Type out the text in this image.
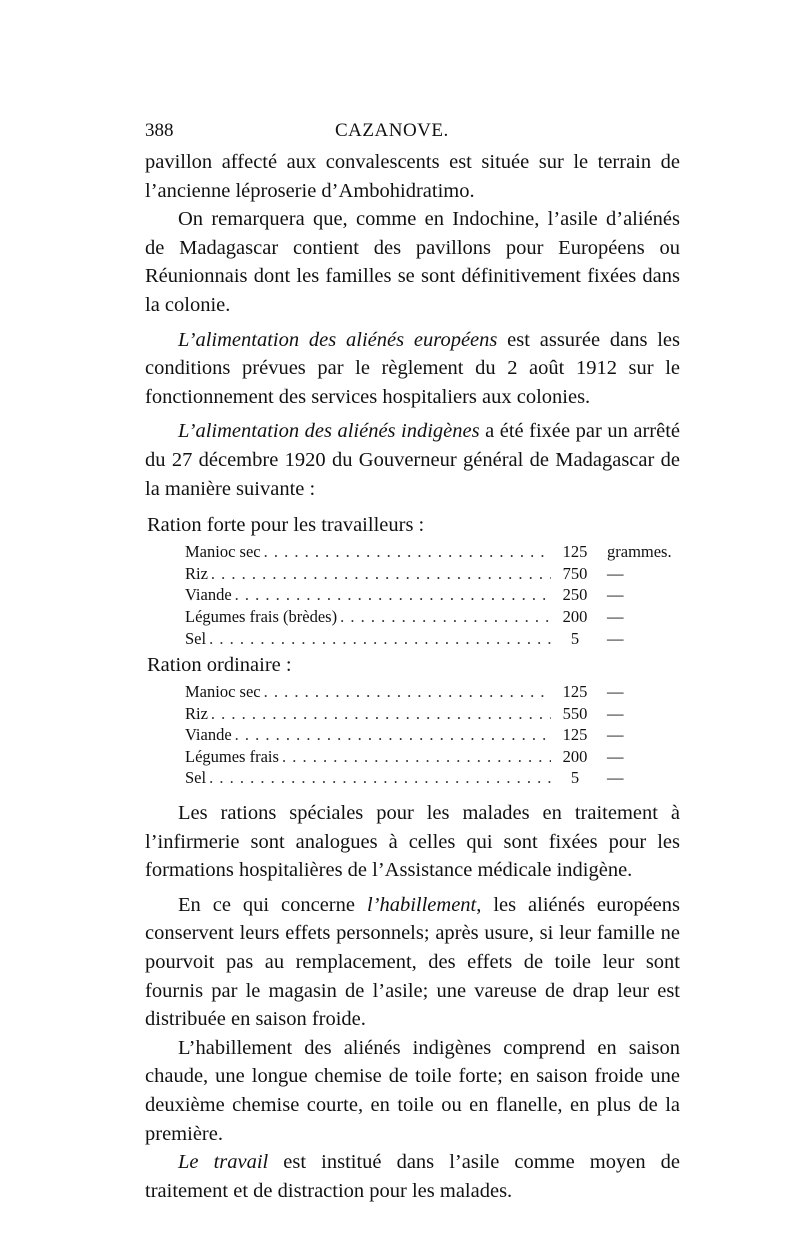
388	CAZANOVE.

pavillon affecté aux convalescents est située sur le terrain de l’ancienne léproserie d’Ambohidratimo.

On remarquera que, comme en Indochine, l’asile d’aliénés de Madagascar contient des pavillons pour Européens ou Réunionnais dont les familles se sont définitivement fixées dans la colonie.

L’alimentation des aliénés européens est assurée dans les conditions prévues par le règlement du 2 août 1912 sur le fonctionnement des services hospitaliers aux colonies.

L’alimentation des aliénés indigènes a été fixée par un arrêté du 27 décembre 1920 du Gouverneur général de Madagascar de la manière suivante :

Ration forte pour les travailleurs :
Manioc sec . . .	125	grammes.
Riz . . .	750	—
Viande . . .	250	—
Légumes frais (brèdes) . . .	200	—
Sel . . .	5	—
Ration ordinaire :
Manioc sec . . .	125	—
Riz . . .	550	—
Viande . . .	125	—
Légumes frais . . .	200	—
Sel . . .	5	—

Les rations spéciales pour les malades en traitement à l’infirmerie sont analogues à celles qui sont fixées pour les formations hospitalières de l’Assistance médicale indigène.

En ce qui concerne l’habillement, les aliénés européens conservent leurs effets personnels; après usure, si leur famille ne pourvoit pas au remplacement, des effets de toile leur sont fournis par le magasin de l’asile; une vareuse de drap leur est distribuée en saison froide.

L’habillement des aliénés indigènes comprend en saison chaude, une longue chemise de toile forte; en saison froide une deuxième chemise courte, en toile ou en flanelle, en plus de la première.

Le travail est institué dans l’asile comme moyen de traitement et de distraction pour les malades.
